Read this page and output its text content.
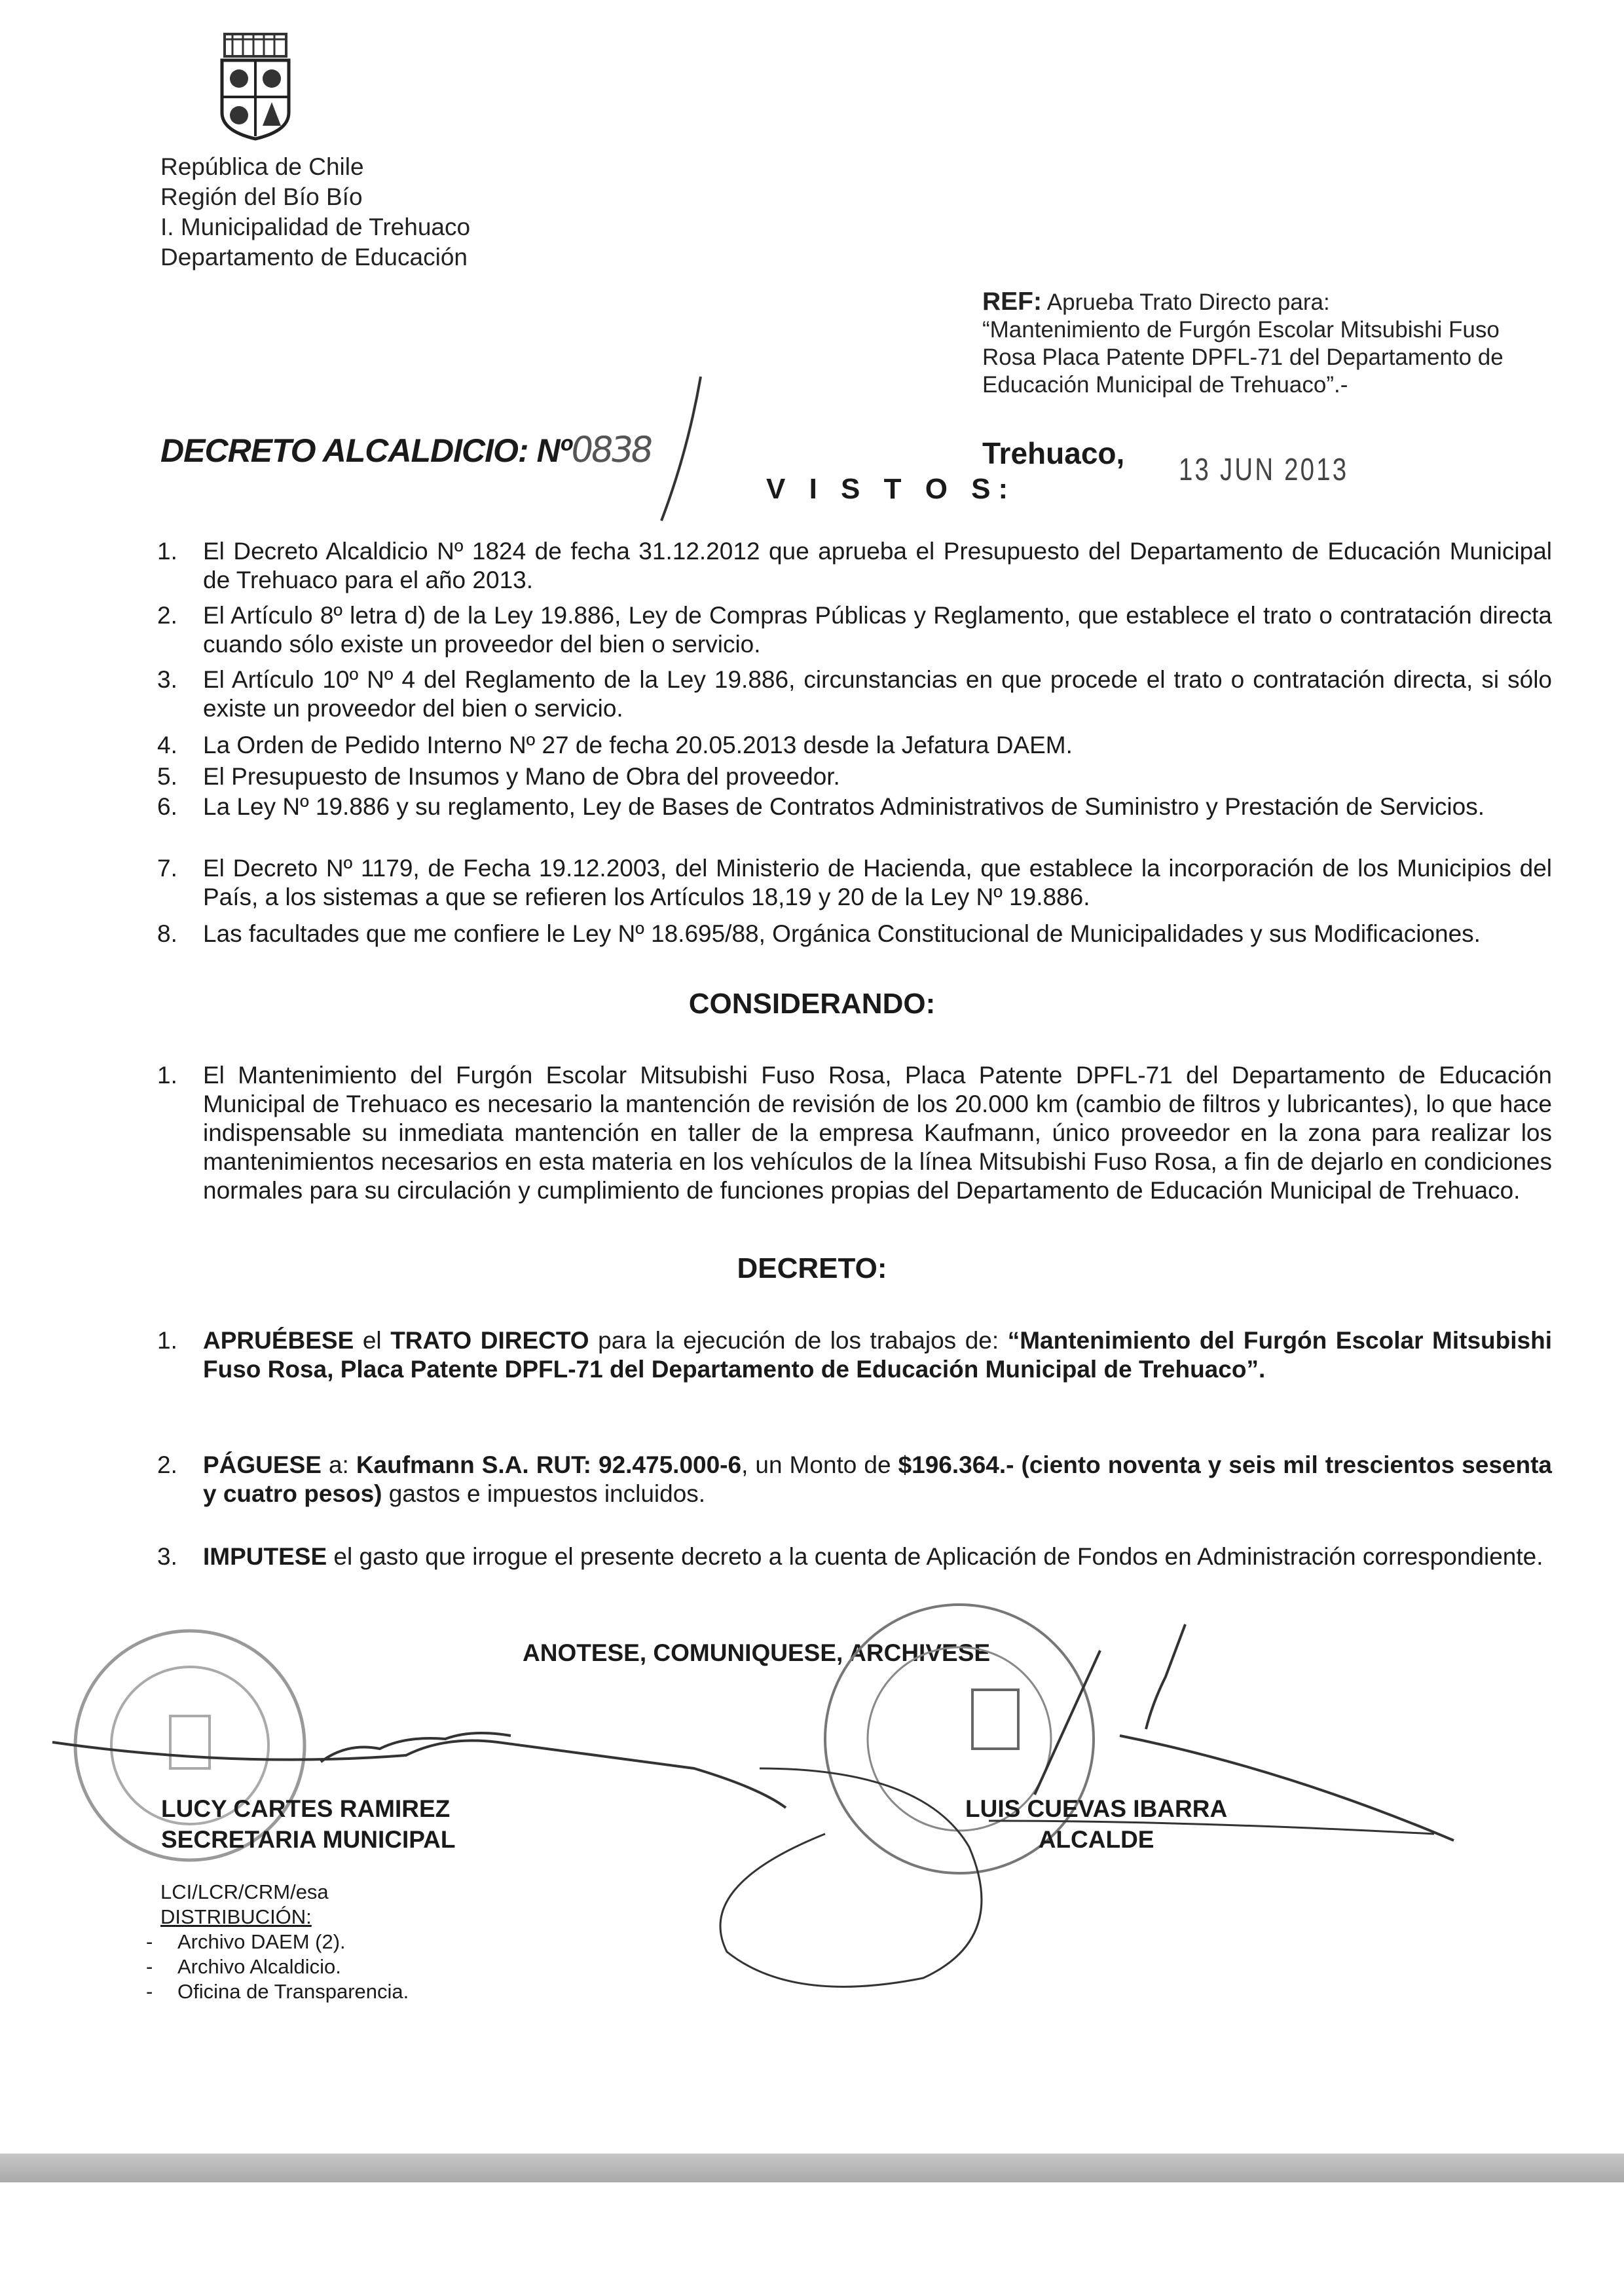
República de Chile
Región del Bío Bío
I. Municipalidad de Trehuaco
Departamento de Educación
REF: Aprueba Trato Directo para:
“Mantenimiento de Furgón Escolar Mitsubishi Fuso Rosa Placa Patente DPFL-71 del Departamento de Educación Municipal de Trehuaco”.-
DECRETO ALCALDICIO: Nº0838	Trehuaco, 13 JUN 2013
V I S T O S:
1.	El Decreto Alcaldicio Nº 1824 de fecha 31.12.2012 que aprueba el Presupuesto del Departamento de Educación Municipal de Trehuaco para el año 2013.
2.	El Artículo 8º letra d) de la Ley 19.886, Ley de Compras Públicas y Reglamento, que establece el trato o contratación directa cuando sólo existe un proveedor del bien o servicio.
3.	El Artículo 10º Nº 4 del Reglamento de la Ley 19.886, circunstancias en que procede el trato o contratación directa, si sólo existe un proveedor del bien o servicio.
4.	La Orden de Pedido Interno Nº 27 de fecha 20.05.2013 desde la Jefatura DAEM.
5.	El Presupuesto de Insumos y Mano de Obra del proveedor.
6.	La Ley Nº 19.886 y su reglamento, Ley de Bases de Contratos Administrativos de Suministro y Prestación de Servicios.
7.	El Decreto Nº 1179, de Fecha 19.12.2003, del Ministerio de Hacienda, que establece la incorporación de los Municipios del País, a los sistemas a que se refieren los Artículos 18,19 y 20 de la Ley Nº 19.886.
8.	Las facultades que me confiere le Ley Nº 18.695/88, Orgánica Constitucional de Municipalidades y sus Modificaciones.
CONSIDERANDO:
1.	El Mantenimiento del Furgón Escolar Mitsubishi Fuso Rosa, Placa Patente DPFL-71 del Departamento de Educación Municipal de Trehuaco es necesario la mantención de revisión de los 20.000 km (cambio de filtros y lubricantes), lo que hace indispensable su inmediata mantención en taller de la empresa Kaufmann, único proveedor en la zona para realizar los mantenimientos necesarios en esta materia en los vehículos de la línea Mitsubishi Fuso Rosa, a fin de dejarlo en condiciones normales para su circulación y cumplimiento de funciones propias del Departamento de Educación Municipal de Trehuaco.
DECRETO:
1.	APRUÉBESE el TRATO DIRECTO para la ejecución de los trabajos de: “Mantenimiento del Furgón Escolar Mitsubishi Fuso Rosa, Placa Patente DPFL-71 del Departamento de Educación Municipal de Trehuaco”.
2.	PÁGUESE a: Kaufmann S.A. RUT: 92.475.000-6, un Monto de $196.364.- (ciento noventa y seis mil trescientos sesenta y cuatro pesos) gastos e impuestos incluidos.
3.	IMPUTESE el gasto que irrogue el presente decreto a la cuenta de Aplicación de Fondos en Administración correspondiente.
ANOTESE, COMUNIQUESE, ARCHIVESE
LUCY CARTES RAMIREZ
SECRETARIA MUNICIPAL
LUIS CUEVAS IBARRA
ALCALDE
LCI/LCR/CRM/esa
DISTRIBUCIÓN:
-	Archivo DAEM (2).
-	Archivo Alcaldicio.
-	Oficina de Transparencia.
